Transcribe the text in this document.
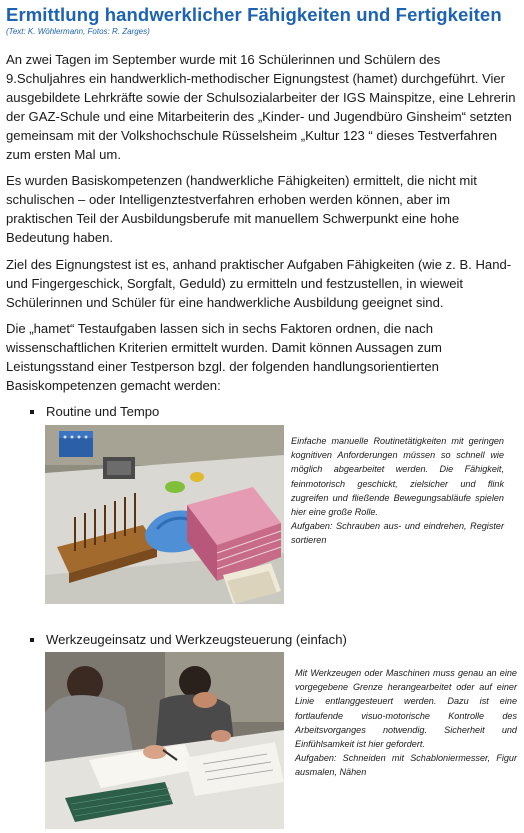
Ermittlung handwerklicher Fähigkeiten und Fertigkeiten
(Text: K. Wöhlermann, Fotos: R. Zarges)

An zwei Tagen im September wurde mit 16 Schülerinnen und Schülern des 9.Schuljahres ein handwerklich-methodischer Eignungstest (hamet) durchgeführt. Vier ausgebildete Lehrkräfte sowie der Schulsozialarbeiter der IGS Mainspitze, eine Lehrerin der GAZ-Schule und eine Mitarbeiterin des „Kinder- und Jugendbüro Ginsheim“ setzten gemeinsam mit der Volkshochschule Rüsselsheim „Kultur 123 “ dieses Testverfahren zum ersten Mal um.

Es wurden Basiskompetenzen (handwerkliche Fähigkeiten) ermittelt, die nicht mit schulischen – oder Intelligenztestverfahren erhoben werden können, aber im praktischen Teil der Ausbildungsberufe mit manuellem Schwerpunkt eine hohe Bedeutung haben.

Ziel des Eignungstest ist es, anhand praktischer Aufgaben Fähigkeiten (wie z. B. Hand- und Fingergeschick, Sorgfalt, Geduld) zu ermitteln und festzustellen, in wieweit Schülerinnen und Schüler für eine handwerkliche Ausbildung geeignet sind.

Die „hamet“ Testaufgaben lassen sich in sechs Faktoren ordnen, die nach wissenschaftlichen Kriterien ermittelt wurden. Damit können Aussagen zum Leistungsstand einer Testperson bzgl. der folgenden handlungsorientierten Basiskompetenzen gemacht werden:

Routine und Tempo

Einfache manuelle Routinetätigkeiten mit geringen kognitiven Anforderungen müssen so schnell wie möglich abgearbeitet werden. Die Fähigkeit, feinmotorisch geschickt, zielsicher und flink zugreifen und fließende Bewegungsabläufe spielen hier eine große Rolle.
Aufgaben: Schrauben aus- und eindrehen, Register sortieren

Werkzeugeinsatz und Werkzeugsteuerung (einfach)

Mit Werkzeugen oder Maschinen muss genau an eine vorgegebene Grenze herangearbeitet oder auf einer Linie entlanggesteuert werden. Dazu ist eine fortlaufende visuo-motorische Kontrolle des Arbeitsvorganges notwendig. Sicherheit und Einfühlsamkeit ist hier gefordert.
Aufgaben: Schneiden mit Schabloniermesser, Figur ausmalen, Nähen
